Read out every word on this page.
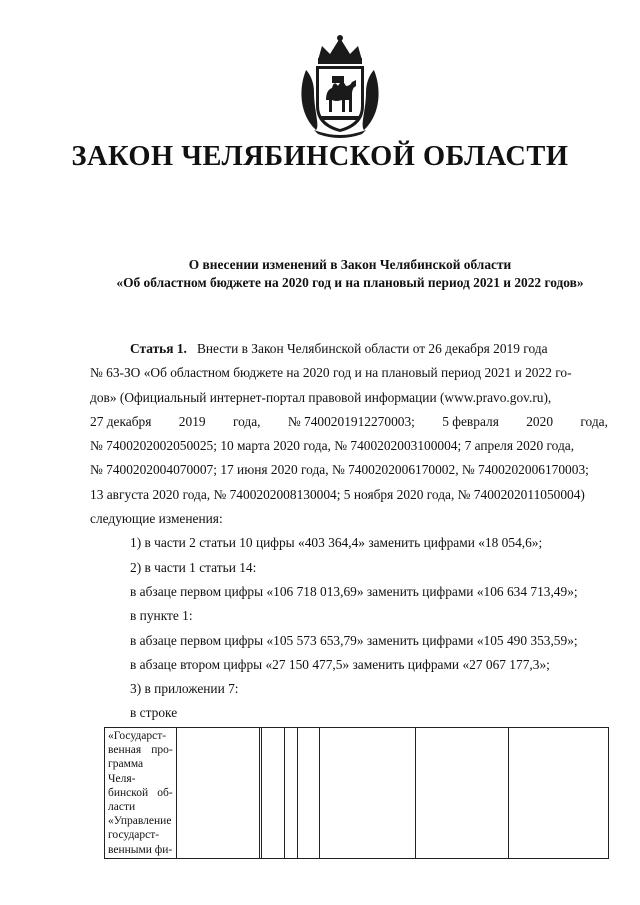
ЗАКОН ЧЕЛЯБИНСКОЙ ОБЛАСТИ
О внесении изменений в Закон Челябинской области
«Об областном бюджете на 2020 год и на плановый период 2021 и 2022 годов»

Статья 1. Внести в Закон Челябинской области от 26 декабря 2019 года

№ 63-ЗО «Об областном бюджете на 2020 год и на плановый период 2021 и 2022 го-

дов» (Официальный интернет-портал правовой информации (www.pravo.gov.ru),

27 декабря 2019 года, № 7400201912270003; 5 февраля 2020 года,

№ 7400202002050025; 10 марта 2020 года, № 7400202003100004; 7 апреля 2020 года,

№ 7400202004070007; 17 июня 2020 года, № 7400202006170002, № 7400202006170003;

13 августа 2020 года, № 7400202008130004; 5 ноября 2020 года, № 7400202011050004)

следующие изменения:

1) в части 2 статьи 10 цифры «403 364,4» заменить цифрами «18 054,6»;

2) в части 1 статьи 14:

в абзаце первом цифры «106 718 013,69» заменить цифрами «106 634 713,49»;

в пункте 1:

в абзаце первом цифры «105 573 653,79» заменить цифрами «105 490 353,59»;

в абзаце втором цифры «27 150 477,5» заменить цифрами «27 067 177,3»;

3) в приложении 7:

в строке

«Государст-венная про-грамма Челя-бинской об-ласти «Управление государст-венными фи-								
